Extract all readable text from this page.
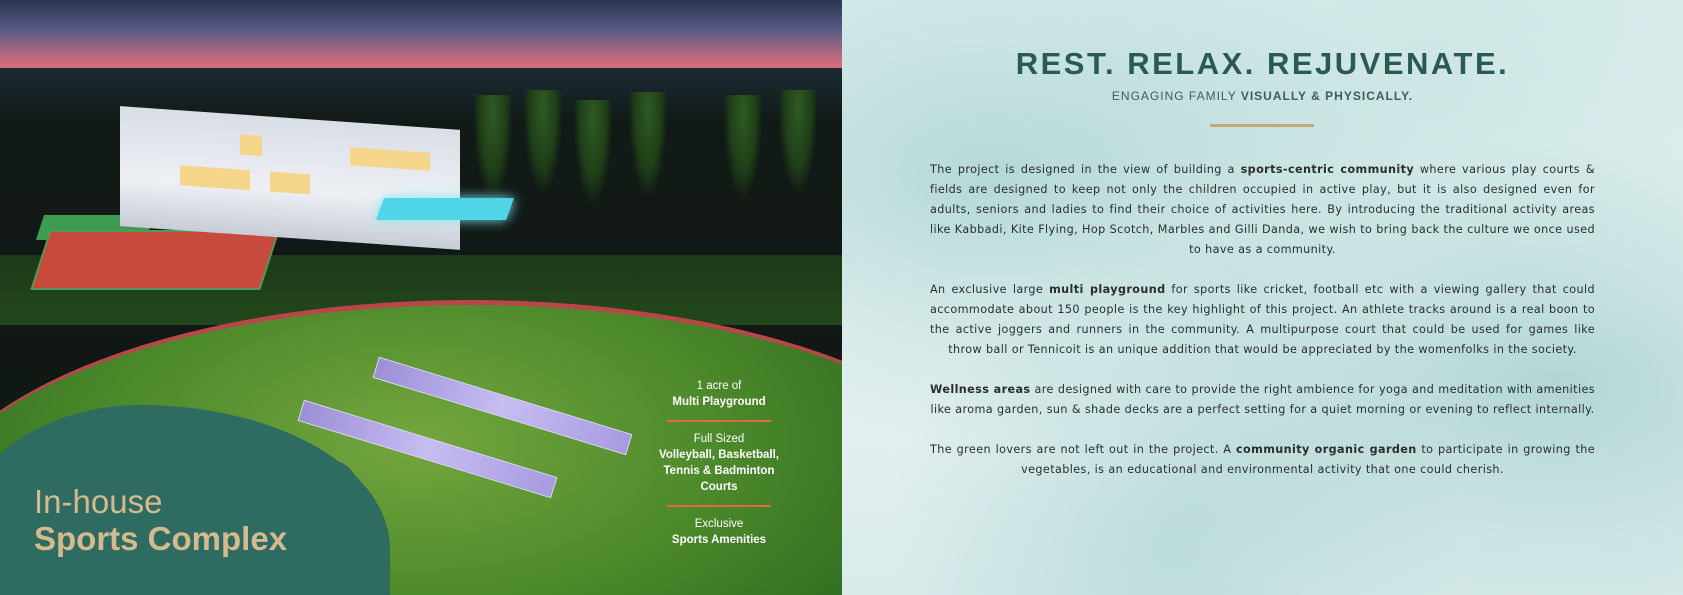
In-house
Sports Complex
1 acre of
Multi Playground
Full Sized
Volleyball, Basketball,
Tennis & Badminton
Courts
Exclusive
Sports Amenities
REST. RELAX. REJUVENATE.
ENGAGING FAMILY VISUALLY & PHYSICALLY.

The project is designed in the view of building a sports-centric community where various play courts & fields are designed to keep not only the children occupied in active play, but it is also designed even for adults, seniors and ladies to find their choice of activities here. By introducing the traditional activity areas like Kabbadi, Kite Flying, Hop Scotch, Marbles and Gilli Danda, we wish to bring back the culture we once used to have as a community.

An exclusive large multi playground for sports like cricket, football etc with a viewing gallery that could accommodate about 150 people is the key highlight of this project. An athlete tracks around is a real boon to the active joggers and runners in the community. A multipurpose court that could be used for games like throw ball or Tennicoit is an unique addition that would be appreciated by the womenfolks in the society.

Wellness areas are designed with care to provide the right ambience for yoga and meditation with amenities like aroma garden, sun & shade decks are a perfect setting for a quiet morning or evening to reflect internally.

The green lovers are not left out in the project. A community organic garden to participate in growing the vegetables, is an educational and environmental activity that one could cherish.
